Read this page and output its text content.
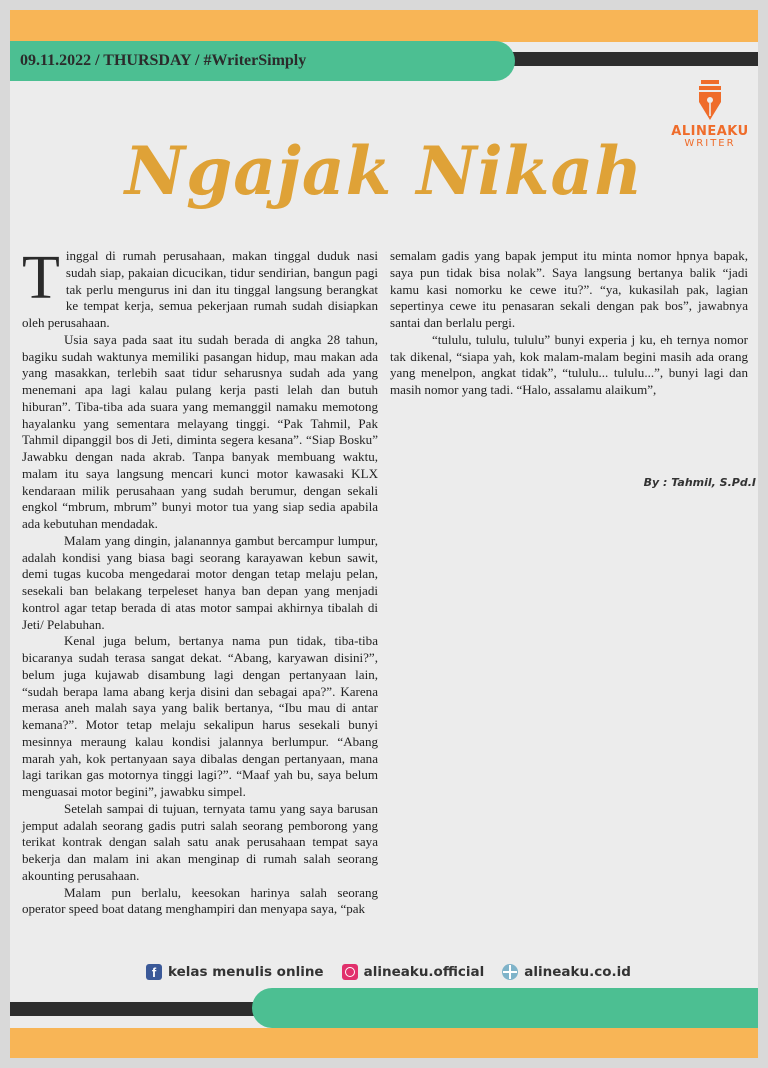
09.11.2022 / THURSDAY / #WriterSimply
ALINEAKU
WRITER
Ngajak Nikah

Tinggal di rumah perusahaan, makan tinggal duduk nasi sudah siap, pakaian dicucikan, tidur sendirian, bangun pagi tak perlu mengurus ini dan itu tinggal langsung berangkat ke tempat kerja, semua pekerjaan rumah sudah disiapkan oleh perusahaan.

Usia saya pada saat itu sudah berada di angka 28 tahun, bagiku sudah waktunya memiliki pasangan hidup, mau makan ada yang masakkan, terlebih saat tidur seharusnya sudah ada yang menemani apa lagi kalau pulang kerja pasti lelah dan butuh hiburan”. Tiba-tiba ada suara yang memanggil namaku memotong hayalanku yang sementara melayang tinggi. “Pak Tahmil, Pak Tahmil dipanggil bos di Jeti, diminta segera kesana”. “Siap Bosku” Jawabku dengan nada akrab. Tanpa banyak membuang waktu, malam itu saya langsung mencari kunci motor kawasaki KLX kendaraan milik perusahaan yang sudah berumur, dengan sekali engkol “mbrum, mbrum” bunyi motor tua yang siap sedia apabila ada kebutuhan mendadak.

Malam yang dingin, jalanannya gambut bercampur lumpur, adalah kondisi yang biasa bagi seorang karayawan kebun sawit, demi tugas kucoba mengedarai motor dengan tetap melaju pelan, sesekali ban belakang terpeleset hanya ban depan yang menjadi kontrol agar tetap berada di atas motor sampai akhirnya tibalah di Jeti/ Pelabuhan.

Kenal juga belum, bertanya nama pun tidak, tiba-tiba bicaranya sudah terasa sangat dekat. “Abang, karyawan disini?”, belum juga kujawab disambung lagi dengan pertanyaan lain, “sudah berapa lama abang kerja disini dan sebagai apa?”. Karena merasa aneh malah saya yang balik bertanya, “Ibu mau di antar kemana?”. Motor tetap melaju sekalipun harus sesekali bunyi mesinnya meraung kalau kondisi jalannya berlumpur. “Abang marah yah, kok pertanyaan saya dibalas dengan pertanyaan, mana lagi tarikan gas motornya tinggi lagi?”. “Maaf yah bu, saya belum menguasai motor begini”, jawabku simpel.

Setelah sampai di tujuan, ternyata tamu yang saya barusan jemput adalah seorang gadis putri salah seorang pemborong yang terikat kontrak dengan salah satu anak perusahaan tempat saya bekerja dan malam ini akan menginap di rumah salah seorang akounting perusahaan.

Malam pun berlalu, keesokan harinya salah seorang operator speed boat datang menghampiri dan menyapa saya, “pak

semalam gadis yang bapak jemput itu minta nomor hpnya bapak, saya pun tidak bisa nolak”. Saya langsung bertanya balik “jadi kamu kasi nomorku ke cewe itu?”. “ya, kukasilah pak, lagian sepertinya cewe itu penasaran sekali dengan pak bos”, jawabnya santai dan berlalu pergi.

“tululu, tululu, tululu” bunyi experia j ku, eh ternya nomor tak dikenal, “siapa yah, kok malam-malam begini masih ada orang yang menelpon, angkat tidak”, “tululu... tululu...”, bunyi lagi dan masih nomor yang tadi. “Halo, assalamu alaikum”,

By : Tahmil, S.Pd.I
f kelas menulis online	alineaku.official	alineaku.co.id
